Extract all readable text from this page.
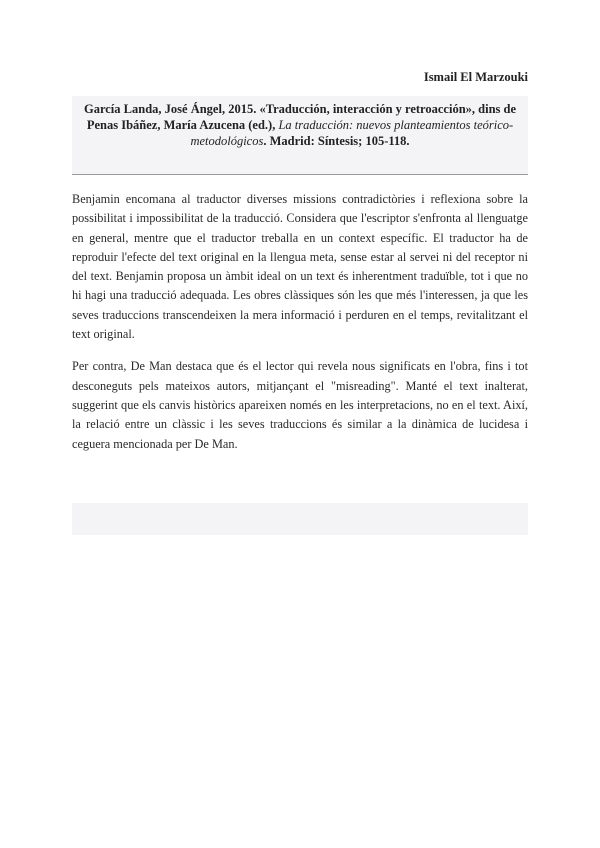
Ismail El Marzouki
García Landa, José Ángel, 2015. «Traducción, interacción y retroacción», dins de Penas Ibáñez, María Azucena (ed.), La traducción: nuevos planteamientos teórico-metodológicos. Madrid: Síntesis; 105-118.

Benjamin encomana al traductor diverses missions contradictòries i reflexiona sobre la possibilitat i impossibilitat de la traducció. Considera que l'escriptor s'enfronta al llenguatge en general, mentre que el traductor treballa en un context específic. El traductor ha de reproduir l'efecte del text original en la llengua meta, sense estar al servei ni del receptor ni del text. Benjamin proposa un àmbit ideal on un text és inherentment traduïble, tot i que no hi hagi una traducció adequada. Les obres clàssiques són les que més l'interessen, ja que les seves traduccions transcendeixen la mera informació i perduren en el temps, revitalitzant el text original.

Per contra, De Man destaca que és el lector qui revela nous significats en l'obra, fins i tot desconeguts pels mateixos autors, mitjançant el "misreading". Manté el text inalterat, suggerint que els canvis històrics apareixen només en les interpretacions, no en el text. Així, la relació entre un clàssic i les seves traduccions és similar a la dinàmica de lucidesa i ceguera mencionada per De Man.
